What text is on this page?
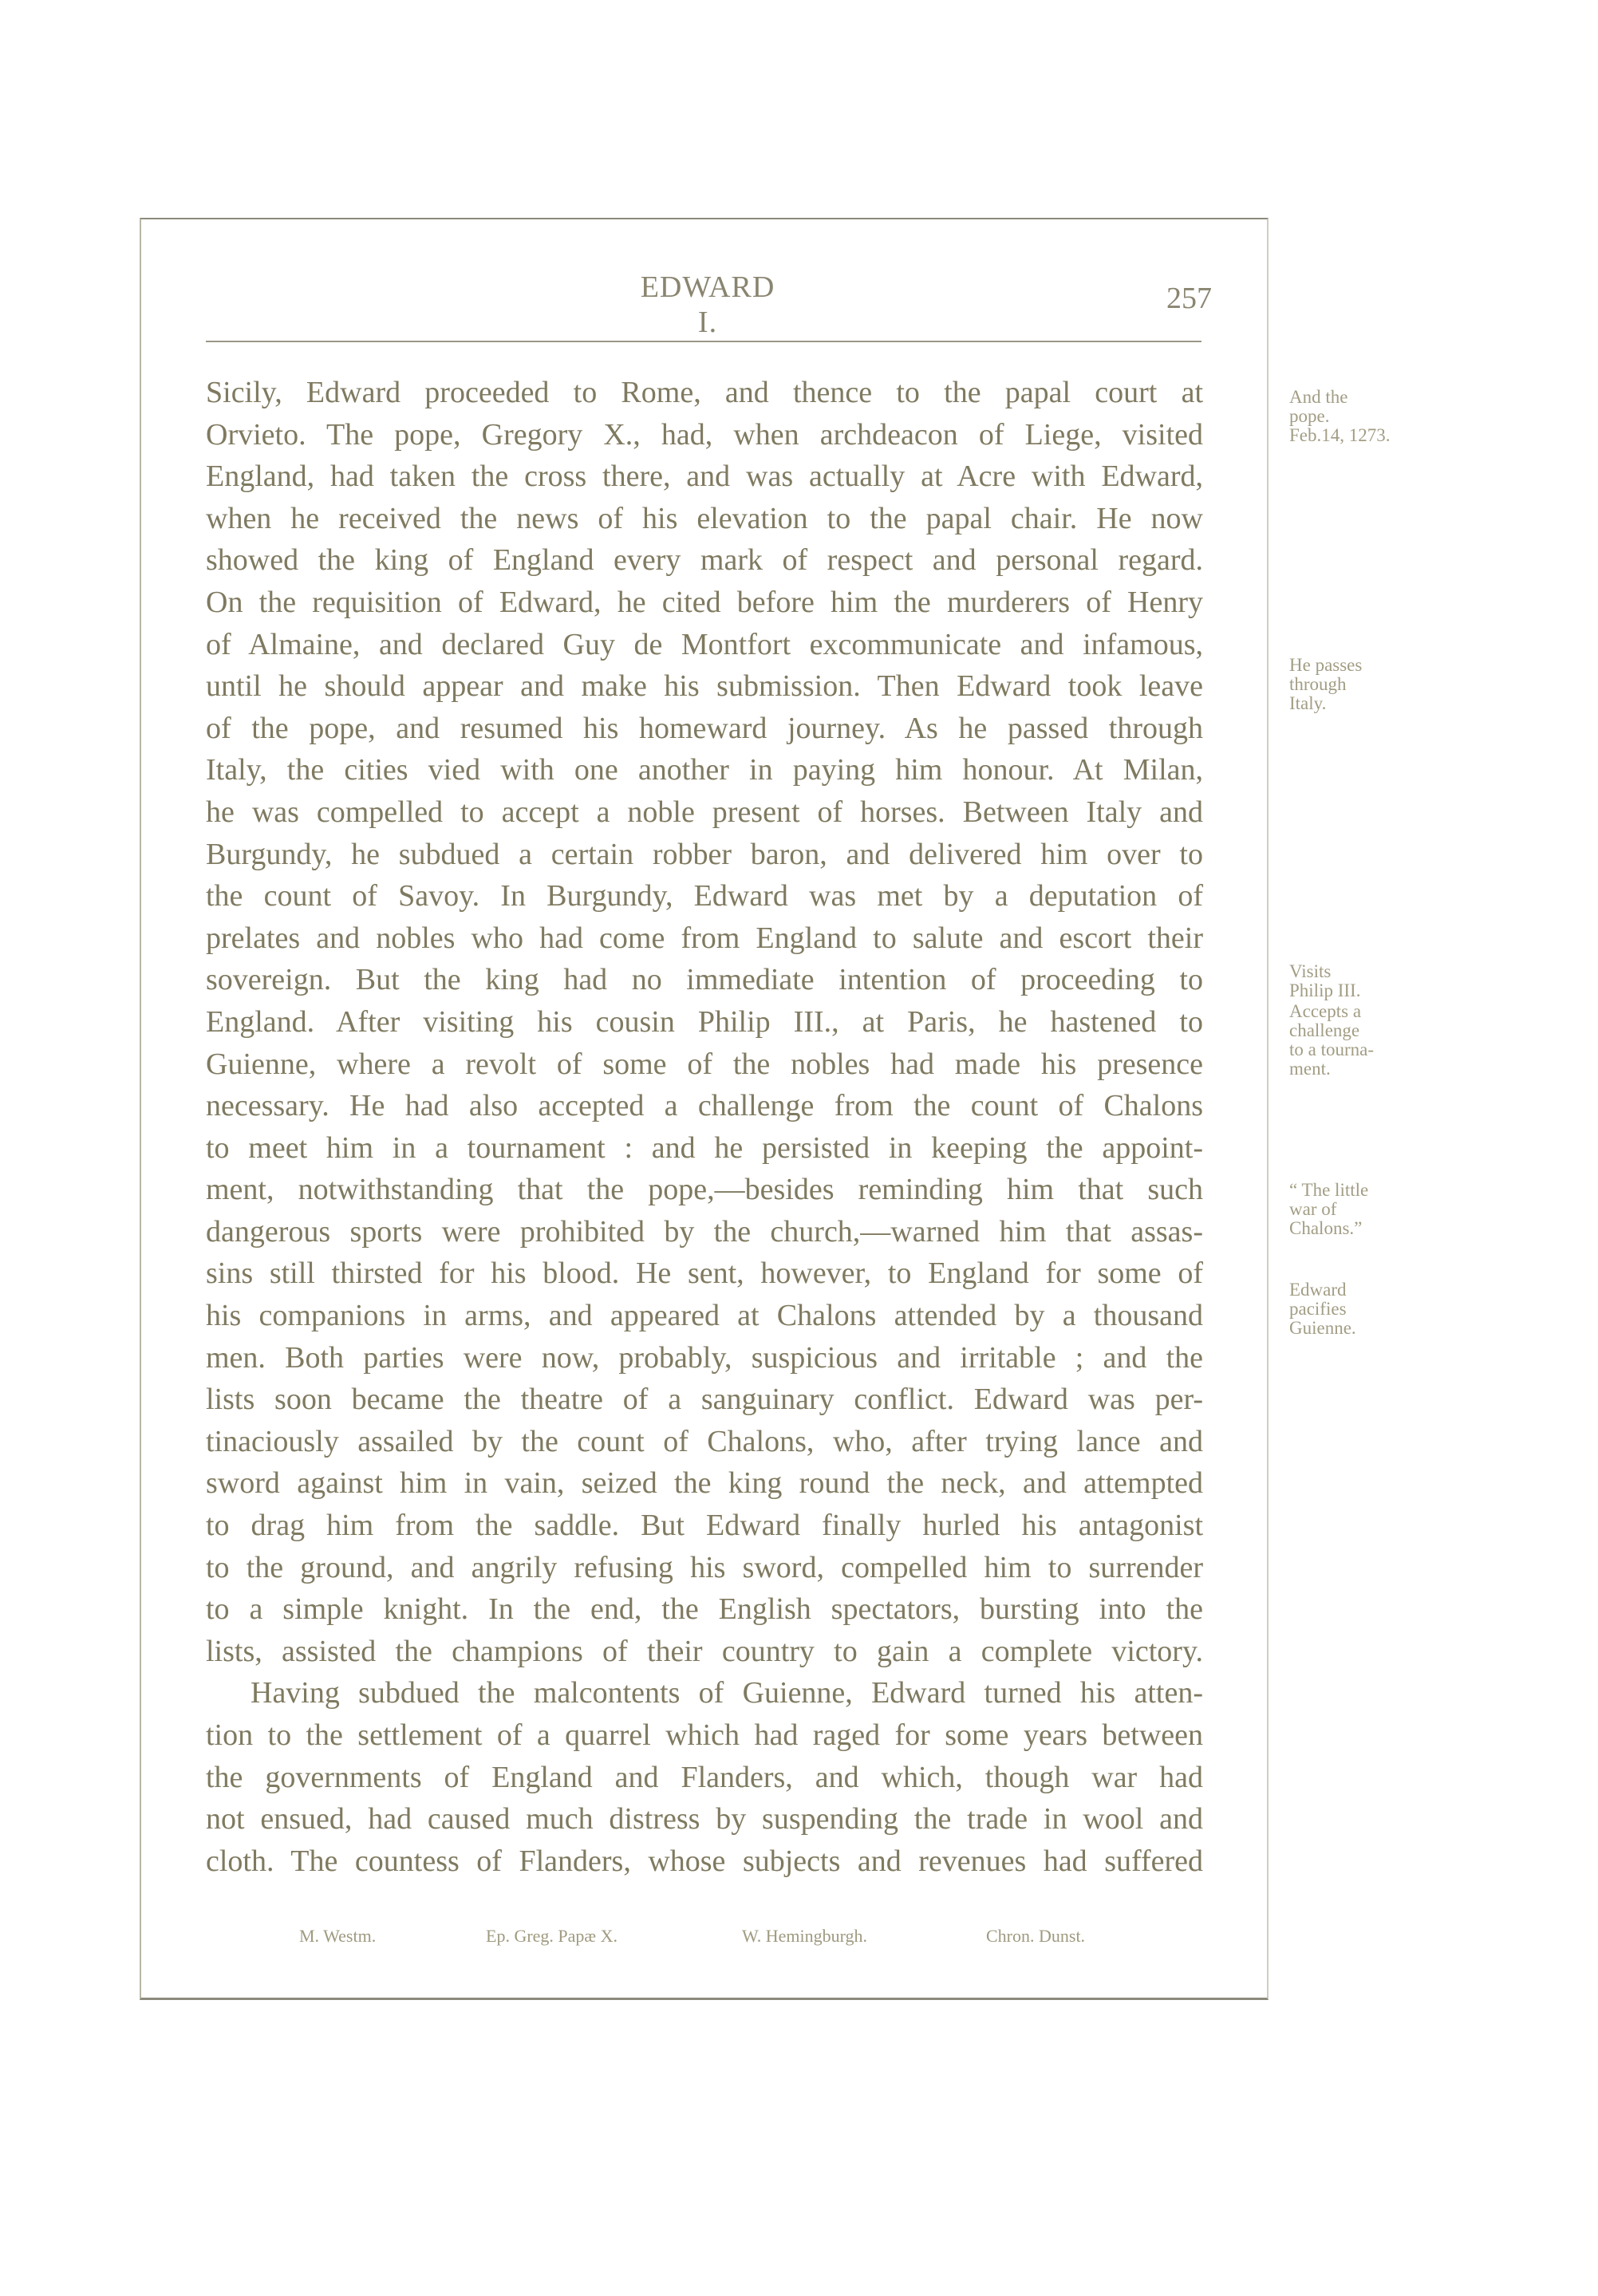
EDWARD I.
257
Sicily, Edward proceeded to Rome, and thence to the papal court at
Orvieto. The pope, Gregory X., had, when archdeacon of Liege, visited
England, had taken the cross there, and was actually at Acre with Edward,
when he received the news of his elevation to the papal chair. He now
showed the king of England every mark of respect and personal regard.
On the requisition of Edward, he cited before him the murderers of Henry
of Almaine, and declared Guy de Montfort excommunicate and infamous,
until he should appear and make his submission. Then Edward took leave
of the pope, and resumed his homeward journey. As he passed through
Italy, the cities vied with one another in paying him honour. At Milan,
he was compelled to accept a noble present of horses. Between Italy and
Burgundy, he subdued a certain robber baron, and delivered him over to
the count of Savoy. In Burgundy, Edward was met by a deputation of
prelates and nobles who had come from England to salute and escort their
sovereign. But the king had no immediate intention of proceeding to
England. After visiting his cousin Philip III., at Paris, he hastened to
Guienne, where a revolt of some of the nobles had made his presence
necessary. He had also accepted a challenge from the count of Chalons
to meet him in a tournament : and he persisted in keeping the appoint-
ment, notwithstanding that the pope,—besides reminding him that such
dangerous sports were prohibited by the church,—warned him that assas-
sins still thirsted for his blood. He sent, however, to England for some of
his companions in arms, and appeared at Chalons attended by a thousand
men. Both parties were now, probably, suspicious and irritable ; and the
lists soon became the theatre of a sanguinary conflict. Edward was per-
tinaciously assailed by the count of Chalons, who, after trying lance and
sword against him in vain, seized the king round the neck, and attempted
to drag him from the saddle. But Edward finally hurled his antagonist
to the ground, and angrily refusing his sword, compelled him to surrender
to a simple knight. In the end, the English spectators, bursting into the
lists, assisted the champions of their country to gain a complete victory.
Having subdued the malcontents of Guienne, Edward turned his atten-
tion to the settlement of a quarrel which had raged for some years between
the governments of England and Flanders, and which, though war had
not ensued, had caused much distress by suspending the trade in wool and
cloth. The countess of Flanders, whose subjects and revenues had suffered
And the
pope.
Feb.14, 1273.
He passes
through
Italy.
Visits
Philip III.
Accepts a
challenge
to a tourna-
ment.
“ The little
war of
Chalons.”
Edward
pacifies
Guienne.
M. Westm.	Ep. Greg. Papæ X.	W. Hemingburgh.	Chron. Dunst.
